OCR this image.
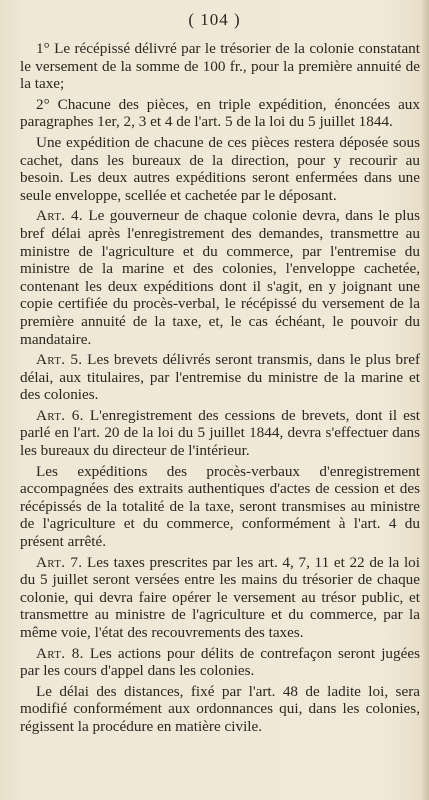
( 104 )

1° Le récépissé délivré par le trésorier de la colonie constatant le versement de la somme de 100 fr., pour la première annuité de la taxe;

2° Chacune des pièces, en triple expédition, énoncées aux paragraphes 1er, 2, 3 et 4 de l'art. 5 de la loi du 5 juillet 1844.

Une expédition de chacune de ces pièces restera déposée sous cachet, dans les bureaux de la direction, pour y recourir au besoin. Les deux autres expéditions seront enfermées dans une seule enveloppe, scellée et cachetée par le déposant.

Art. 4. Le gouverneur de chaque colonie devra, dans le plus bref délai après l'enregistrement des demandes, transmettre au ministre de l'agriculture et du commerce, par l'entremise du ministre de la marine et des colonies, l'enveloppe cachetée, contenant les deux expéditions dont il s'agit, en y joignant une copie certifiée du procès-verbal, le récépissé du versement de la première annuité de la taxe, et, le cas échéant, le pouvoir du mandataire.

Art. 5. Les brevets délivrés seront transmis, dans le plus bref délai, aux titulaires, par l'entremise du ministre de la marine et des colonies.

Art. 6. L'enregistrement des cessions de brevets, dont il est parlé en l'art. 20 de la loi du 5 juillet 1844, devra s'effectuer dans les bureaux du directeur de l'intérieur.

Les expéditions des procès-verbaux d'enregistrement accompagnées des extraits authentiques d'actes de cession et des récépissés de la totalité de la taxe, seront transmises au ministre de l'agriculture et du commerce, conformément à l'art. 4 du présent arrêté.

Art. 7. Les taxes prescrites par les art. 4, 7, 11 et 22 de la loi du 5 juillet seront versées entre les mains du trésorier de chaque colonie, qui devra faire opérer le versement au trésor public, et transmettre au ministre de l'agriculture et du commerce, par la même voie, l'état des recouvrements des taxes.

Art. 8. Les actions pour délits de contrefaçon seront jugées par les cours d'appel dans les colonies.

Le délai des distances, fixé par l'art. 48 de ladite loi, sera modifié conformément aux ordonnances qui, dans les colonies, régissent la procédure en matière civile.
